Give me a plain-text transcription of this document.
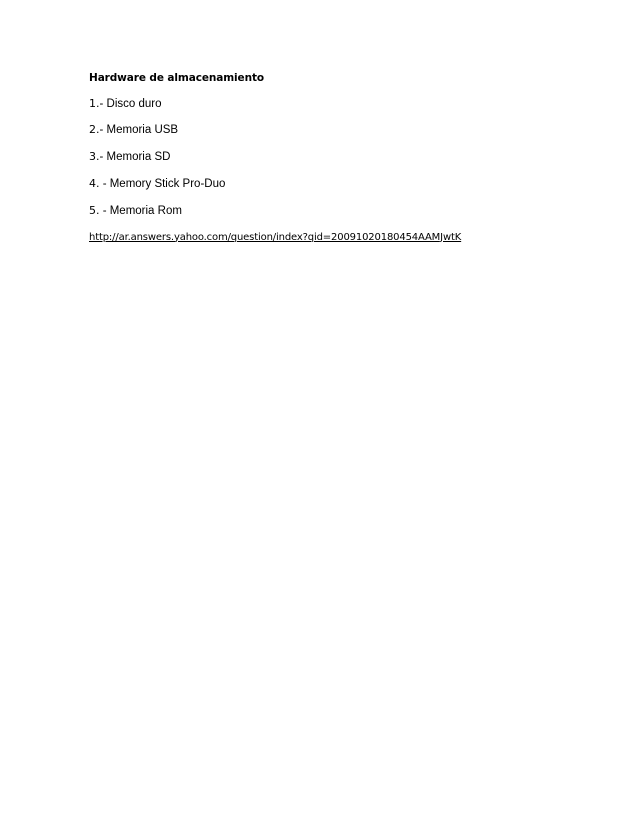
Hardware de almacenamiento
1.- Disco duro
2.- Memoria USB
3.- Memoria SD
4. - Memory Stick Pro-Duo
5. - Memoria Rom
http://ar.answers.yahoo.com/question/index?qid=20091020180454AAMJwtK
